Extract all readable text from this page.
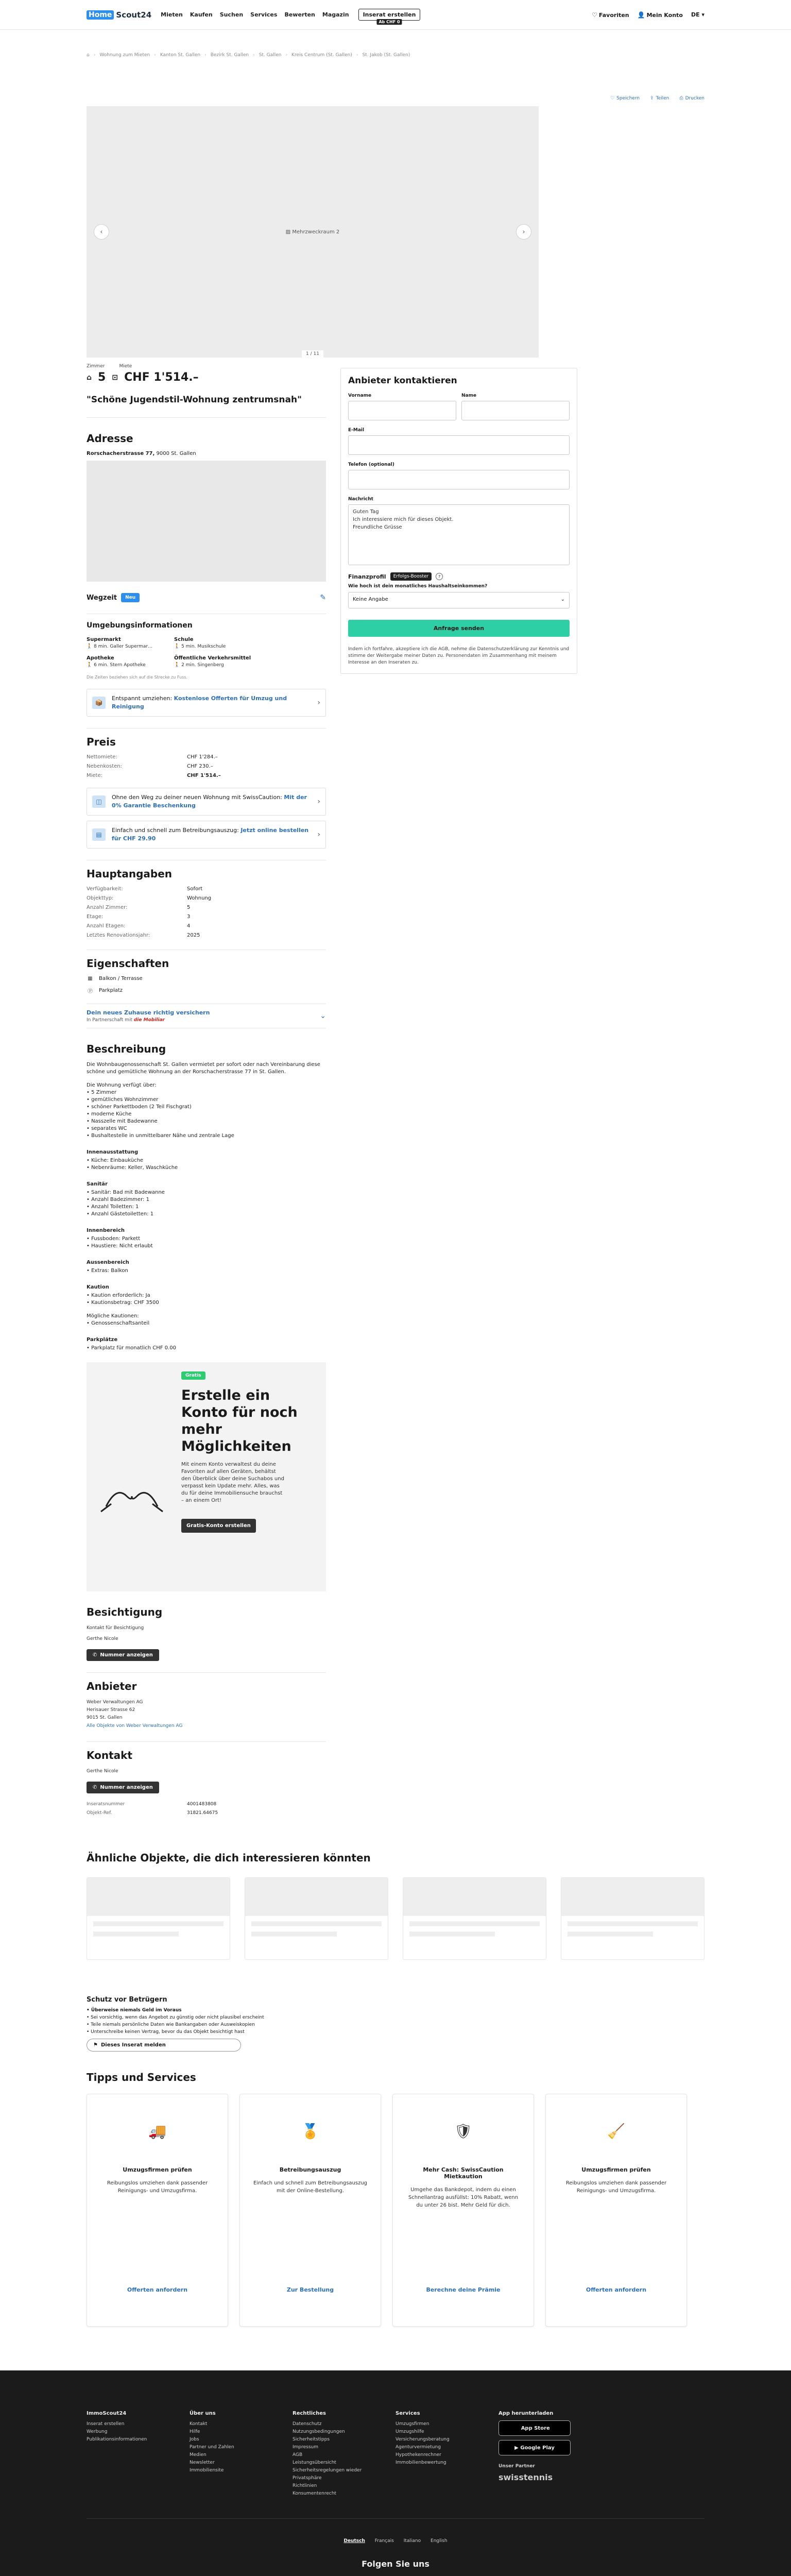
Home Scout24 Mieten Kaufen Suchen Services Bewerten Magazin	Inserat erstellen
Ab CHF 0
♡ Favoriten 👤 Mein Konto DE ▾
⌂ › Wohnung zum Mieten › Kanton St. Gallen › Bezirk St. Gallen › St. Gallen › Kreis Centrum (St. Gallen) › St. Jakob (St. Gallen)
♡ Speichern ⇪ Teilen ⎙ Drucken
▨ Mehrzweckraum 2
‹	›
1 / 11
Zimmer	Miete
⌂ 5 ⊡ CHF 1'514.–
"Schöne Jugendstil-Wohnung zentrumsnah"
Adresse
Rorschacherstrasse 77, 9000 St. Gallen
Wegzeit	Neu	✎
Umgebungsinformationen
Supermarkt
🚶 8 min. Galler Supermar…
Schule
🚶 5 min. Musikschule
Apotheke
🚶 6 min. Stern Apotheke
Öffentliche Verkehrsmittel
🚶 2 min. Singenberg
Die Zeiten beziehen sich auf die Strecke zu Fuss.
📦
Entspannt umziehen: Kostenlose Offerten für Umzug und Reinigung	›
Preis
Nettomiete:	CHF 1'284.–
Nebenkosten:	CHF 230.–
Miete:	CHF 1'514.–
◫
Ohne den Weg zu deiner neuen Wohnung mit SwissCaution: Mit der 0% Garantie Beschenkung	›
▤
Einfach und schnell zum Betreibungsauszug: Jetzt online bestellen für CHF 29.90	›
Hauptangaben
Verfügbarkeit:	Sofort
Objekttyp:	Wohnung
Anzahl Zimmer:	5
Etage:	3
Anzahl Etagen:	4
Letztes Renovationsjahr:	2025
Eigenschaften
▦ Balkon / Terrasse
Ⓟ Parkplatz
Dein neues Zuhause richtig versichern
In Partnerschaft mit die Mobiliar	⌄
Beschreibung

Die Wohnbaugenossenschaft St. Gallen vermietet per sofort oder nach Vereinbarung diese schöne und gemütliche Wohnung an der Rorschacherstrasse 77 in St. Gallen.

Die Wohnung verfügt über:
• 5 Zimmer
• gemütliches Wohnzimmer
• schöner Parkettboden (2 Teil Fischgrat)
• moderne Küche
• Nasszelle mit Badewanne
• separates WC
• Bushaltestelle in unmittelbarer Nähe und zentrale Lage
Innenausstattung
• Küche: Einbauküche
• Nebenräume: Keller, Waschküche
Sanitär
• Sanitär: Bad mit Badewanne
• Anzahl Badezimmer: 1
• Anzahl Toiletten: 1
• Anzahl Gästetoiletten: 1
Innenbereich
• Fussboden: Parkett
• Haustiere: Nicht erlaubt
Aussenbereich
• Extras: Balkon
Kaution
• Kaution erforderlich: Ja
• Kautionsbetrag: CHF 3500
Mögliche Kautionen:
• Genossenschaftsanteil
Parkplätze
• Parkplatz für monatlich CHF 0.00
Gratis
Erstelle ein Konto für noch mehr Möglichkeiten

Mit einem Konto verwaltest du deine Favoriten auf allen Geräten, behältst den Überblick über deine Suchabos und verpasst kein Update mehr. Alles, was du für deine Immobiliensuche brauchst – an einem Ort!

Gratis-Konto erstellen
Besichtigung
Kontakt für Besichtigung
Gerthe Nicole
✆ Nummer anzeigen
Anbieter
Weber Verwaltungen AG
Herisauer Strasse 62
9015 St. Gallen
Alle Objekte von Weber Verwaltungen AG
Kontakt
Gerthe Nicole
✆ Nummer anzeigen
Inseratsnummer	4001483808
Objekt-Ref.	31821.64675
Anbieter kontaktieren
Vorname	Name
E-Mail
Telefon (optional)
Nachricht
Guten Tag
Ich interessiere mich für dieses Objekt.
Freundliche Grüsse
Finanzprofil	Erfolgs-Booster	?
Wie hoch ist dein monatliches Haushaltseinkommen?
Keine Angabe	⌄
Anfrage senden
Indem ich fortfahre, akzeptiere ich die AGB, nehme die Datenschutzerklärung zur Kenntnis und stimme der Weitergabe meiner Daten zu. Personendaten im Zusammenhang mit meinem Interesse an den Inseraten zu.
Ähnliche Objekte, die dich interessieren könnten
Schutz vor Betrügern
• Überweise niemals Geld im Voraus
• Sei vorsichtig, wenn das Angebot zu günstig oder nicht plausibel erscheint
• Teile niemals persönliche Daten wie Bankangaben oder Ausweiskopien
• Unterschreibe keinen Vertrag, bevor du das Objekt besichtigt hast
⚑ Dieses Inserat melden
Tipps und Services
🚚
Umzugsfirmen prüfen
Reibungslos umziehen dank passender Reinigungs- und Umzugsfirma.
Offerten anfordern
🏅
Betreibungsauszug
Einfach und schnell zum Betreibungsauszug mit der Online-Bestellung.
Zur Bestellung
🛡
Mehr Cash: SwissCaution Mietkaution
Umgehe das Bankdepot, indem du einen Schnellantrag ausfüllst: 10% Rabatt, wenn du unter 26 bist. Mehr Geld für dich.
Berechne deine Prämie
🧹
Umzugsfirmen prüfen
Reibungslos umziehen dank passender Reinigungs- und Umzugsfirma.
Offerten anfordern
ImmoScout24
Inserat erstellen
Werbung
Publikationsinformationen
Über uns
Kontakt
Hilfe
Jobs
Partner und Zahlen
Medien
Newsletter
Immobiliensite
Rechtliches
Datenschutz
Nutzungsbedingungen
Sicherheitstipps
Impressum
AGB
Leistungsübersicht
Sicherheitsregelungen wieder
Privatsphäre
Richtlinien
Konsumentenrecht
Services
Umzugsfirmen
Umzugshilfe
Versicherungsberatung
Agenturvermietung
Hypothekenrechner
Immobilienbewertung
App herunterladen

App Store
▶
Google Play
Unser Partner
swisstennis
Deutsch Français Italiano English
Folgen Sie uns
